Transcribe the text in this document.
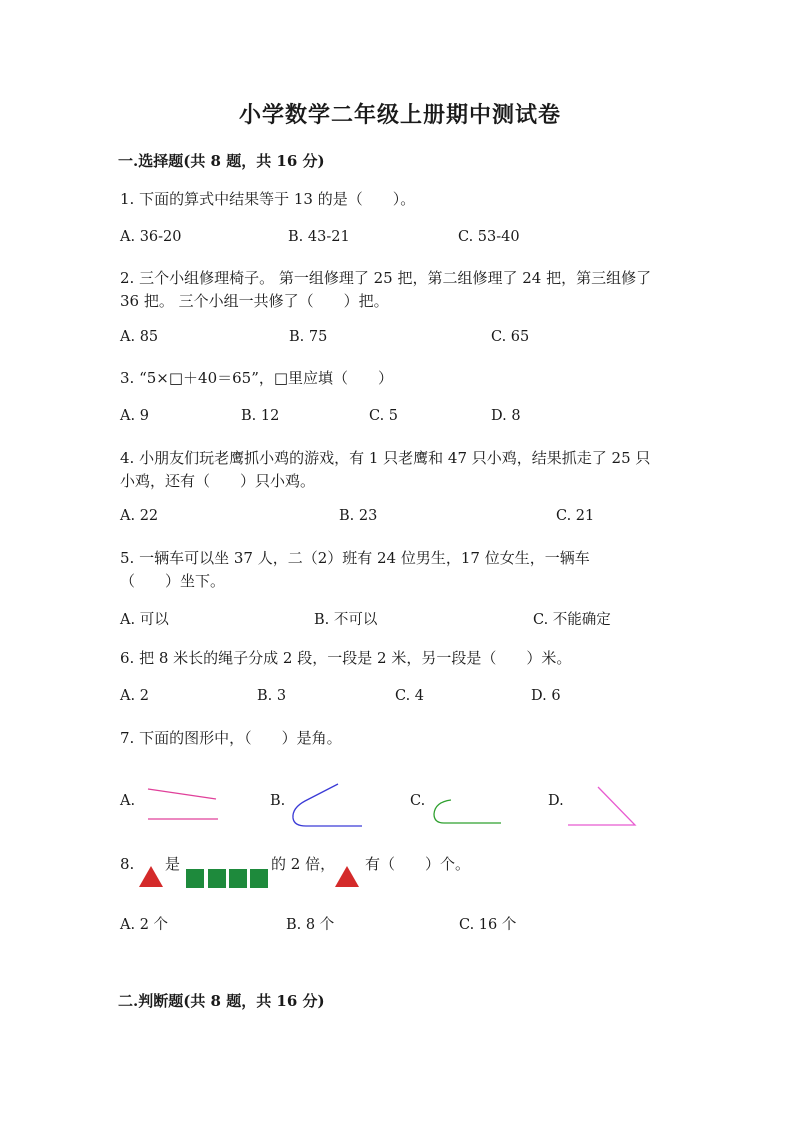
小学数学二年级上册期中测试卷
一.选择题(共 8 题，共 16 分)
1. 下面的算式中结果等于 13 的是（　　）。
A. 36-20	B. 43-21	C. 53-40
2. 三个小组修理椅子。 第一组修理了 25 把，第二组修理了 24 把，第三组修了
36 把。 三个小组一共修了（　　）把。
A. 85	B. 75	C. 65
3. “5×□＋40＝65”，□里应填（　　）
A. 9	B. 12	C. 5	D. 8
4. 小朋友们玩老鹰抓小鸡的游戏，有 1 只老鹰和 47 只小鸡，结果抓走了 25 只
小鸡，还有（　　）只小鸡。
A. 22	B. 23	C. 21
5. 一辆车可以坐 37 人，二（2）班有 24 位男生，17 位女生，一辆车
（　　）坐下。
A. 可以	B. 不可以	C. 不能确定
6. 把 8 米长的绳子分成 2 段，一段是 2 米，另一段是（　　）米。
A. 2	B. 3	C. 4	D. 6
7. 下面的图形中，（　　）是角。
A.	B.	C.	D.
8. 是	的 2 倍， 有（　　）个。
A. 2 个	B. 8 个	C. 16 个
二.判断题(共 8 题，共 16 分)
